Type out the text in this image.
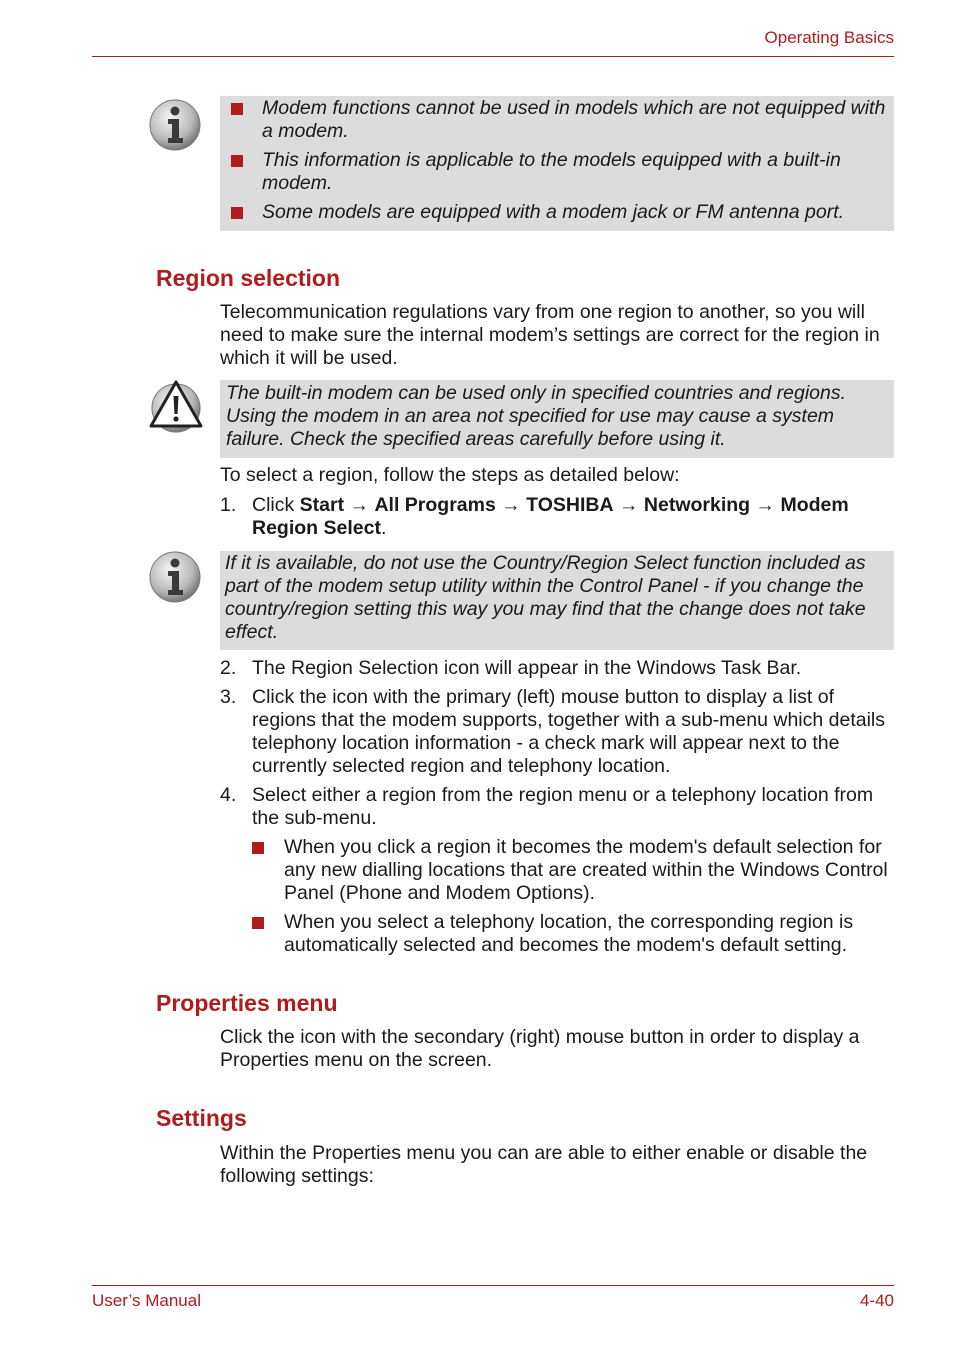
Operating Basics
Modem functions cannot be used in models which are not equipped with a modem.
This information is applicable to the models equipped with a built-in modem.
Some models are equipped with a modem jack or FM antenna port.
Region selection
Telecommunication regulations vary from one region to another, so you will need to make sure the internal modem’s settings are correct for the region in which it will be used.
The built-in modem can be used only in specified countries and regions. Using the modem in an area not specified for use may cause a system failure. Check the specified areas carefully before using it.
To select a region, follow the steps as detailed below:
1. Click Start → All Programs → TOSHIBA → Networking → Modem Region Select.
If it is available, do not use the Country/Region Select function included as part of the modem setup utility within the Control Panel - if you change the country/region setting this way you may find that the change does not take effect.
2. The Region Selection icon will appear in the Windows Task Bar.
3. Click the icon with the primary (left) mouse button to display a list of regions that the modem supports, together with a sub-menu which details telephony location information - a check mark will appear next to the currently selected region and telephony location.
4. Select either a region from the region menu or a telephony location from the sub-menu.
When you click a region it becomes the modem's default selection for any new dialling locations that are created within the Windows Control Panel (Phone and Modem Options).
When you select a telephony location, the corresponding region is automatically selected and becomes the modem's default setting.
Properties menu
Click the icon with the secondary (right) mouse button in order to display a Properties menu on the screen.
Settings
Within the Properties menu you can are able to either enable or disable the following settings:
User’s Manual	4-40
